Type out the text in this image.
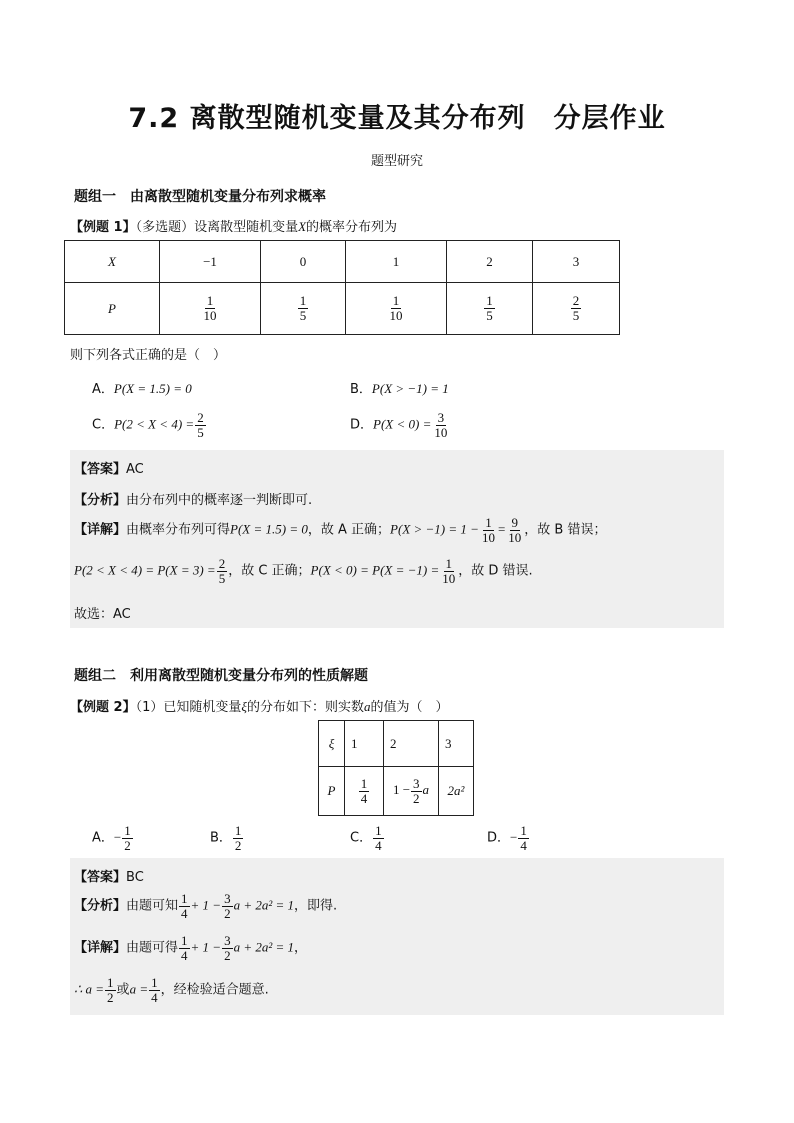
7.2 离散型随机变量及其分布列　分层作业
题型研究
题组一　由离散型随机变量分布列求概率
【例题 1】（多选题）设离散型随机变量X的概率分布列为
X	−1	0	1	2	3
P	$\frac{1}{10}$	$\frac{1}{5}$	$\frac{1}{10}$	$\frac{1}{5}$	$\frac{2}{5}$
则下列各式正确的是（　）
A．P(X = 1.5) = 0	B．P(X > −1) = 1
C．$P(2 < X < 4) = \frac{2}{5}$	D．$P(X < 0) = \frac{3}{10}$
【答案】AC
【分析】由分布列中的概率逐一判断即可.
【详解】由概率分布列可得P(X = 1.5) = 0，故 A 正确；$P(X > -1) = 1 - \frac{1}{10} = \frac{9}{10}$ ，故 B 错误；
$P(2 < X < 4) = P(X = 3) = \frac{2}{5}$ ，故 C 正确；$P(X < 0) = P(X = -1) = \frac{1}{10}$ ，故 D 错误.
故选：AC
题组二　利用离散型随机变量分布列的性质解题
【例题 2】（1）已知随机变量ξ的分布如下：则实数a的值为（　）
ξ	1	2	3
P	$\frac{1}{4}$	$1 - \frac{3}{2}$ a	2a²
A．− $\frac{1}{2}$	B． $\frac{1}{2}$	C． $\frac{1}{4}$	D．− $\frac{1}{4}$
【答案】BC
【分析】由题可知 $\frac{1}{4} + 1 - \frac{3}{2}$ a + 2a² = 1，即得.
【详解】由题可得 $\frac{1}{4} + 1 - \frac{3}{2}$ a + 2a² = 1，
∴ $a = \frac{1}{2}$ 或$a = \frac{1}{4}$ ，经检验适合题意.
